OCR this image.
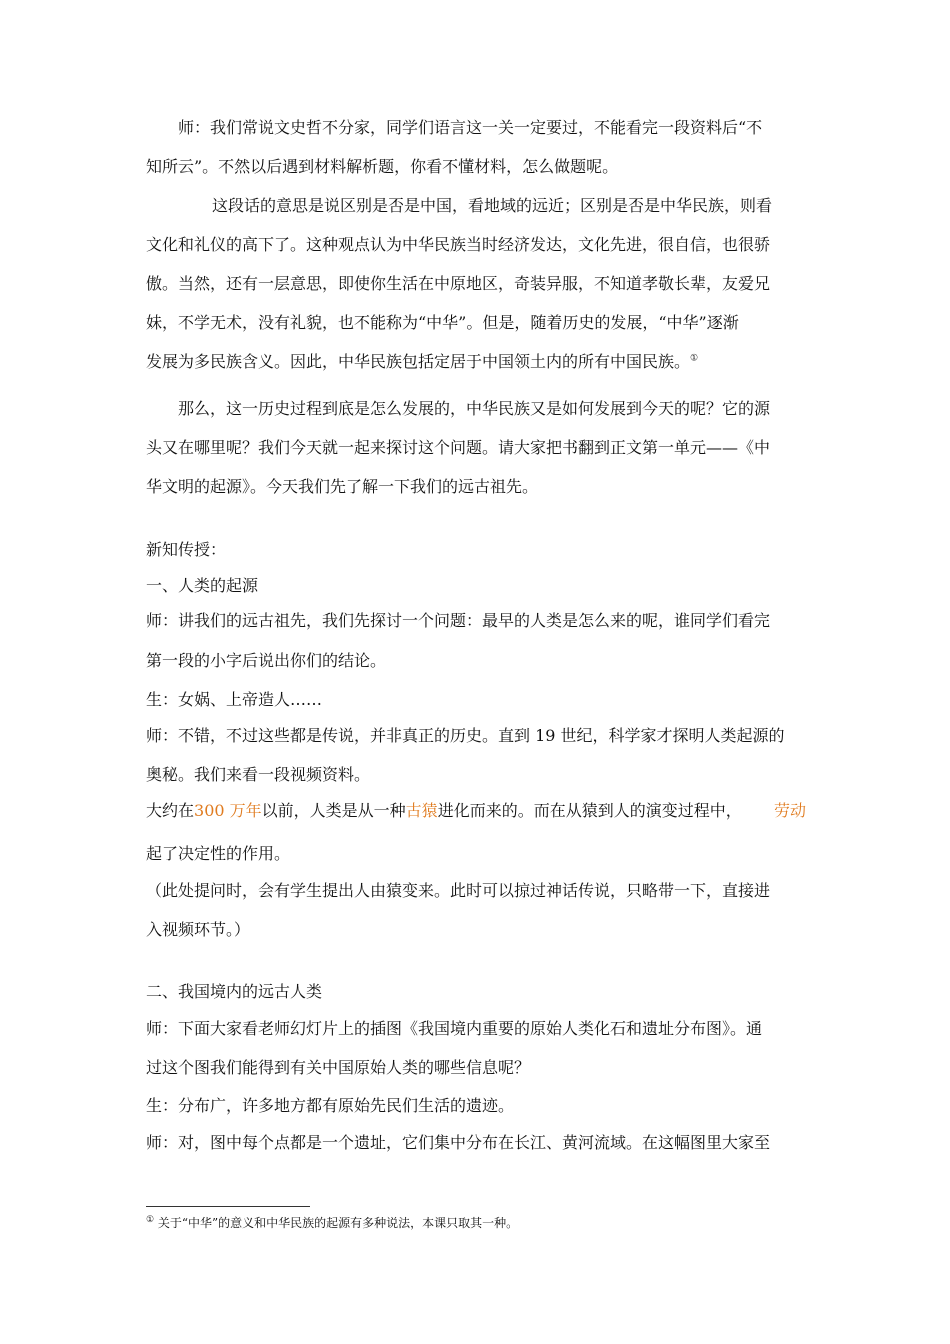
师：我们常说文史哲不分家，同学们语言这一关一定要过，不能看完一段资料后“不

知所云”。不然以后遇到材料解析题，你看不懂材料，怎么做题呢。

这段话的意思是说区别是否是中国，看地域的远近；区别是否是中华民族，则看

文化和礼仪的高下了。这种观点认为中华民族当时经济发达，文化先进，很自信，也很骄

傲。当然，还有一层意思，即使你生活在中原地区，奇装异服，不知道孝敬长辈，友爱兄

妹，不学无术，没有礼貌，也不能称为“中华”。但是，随着历史的发展，“中华”逐渐

发展为多民族含义。因此，中华民族包括定居于中国领土内的所有中国民族。①

那么，这一历史过程到底是怎么发展的，中华民族又是如何发展到今天的呢？它的源

头又在哪里呢？我们今天就一起来探讨这个问题。请大家把书翻到正文第一单元——《中

华文明的起源》。今天我们先了解一下我们的远古祖先。

新知传授：

一、人类的起源

师：讲我们的远古祖先，我们先探讨一个问题：最早的人类是怎么来的呢，谁同学们看完

第一段的小字后说出你们的结论。

生：女娲、上帝造人……

师：不错，不过这些都是传说，并非真正的历史。直到 19 世纪，科学家才探明人类起源的

奥秘。我们来看一段视频资料。

大约在300 万年以前，人类是从一种古猿进化而来的。而在从猿到人的演变过程中， 劳动

起了决定性的作用。

（此处提问时，会有学生提出人由猿变来。此时可以掠过神话传说，只略带一下，直接进

入视频环节。）

二、我国境内的远古人类

师：下面大家看老师幻灯片上的插图《我国境内重要的原始人类化石和遗址分布图》。通

过这个图我们能得到有关中国原始人类的哪些信息呢？

生：分布广，许多地方都有原始先民们生活的遗迹。

师：对，图中每个点都是一个遗址，它们集中分布在长江、黄河流域。在这幅图里大家至

① 关于“中华”的意义和中华民族的起源有多种说法，本课只取其一种。
